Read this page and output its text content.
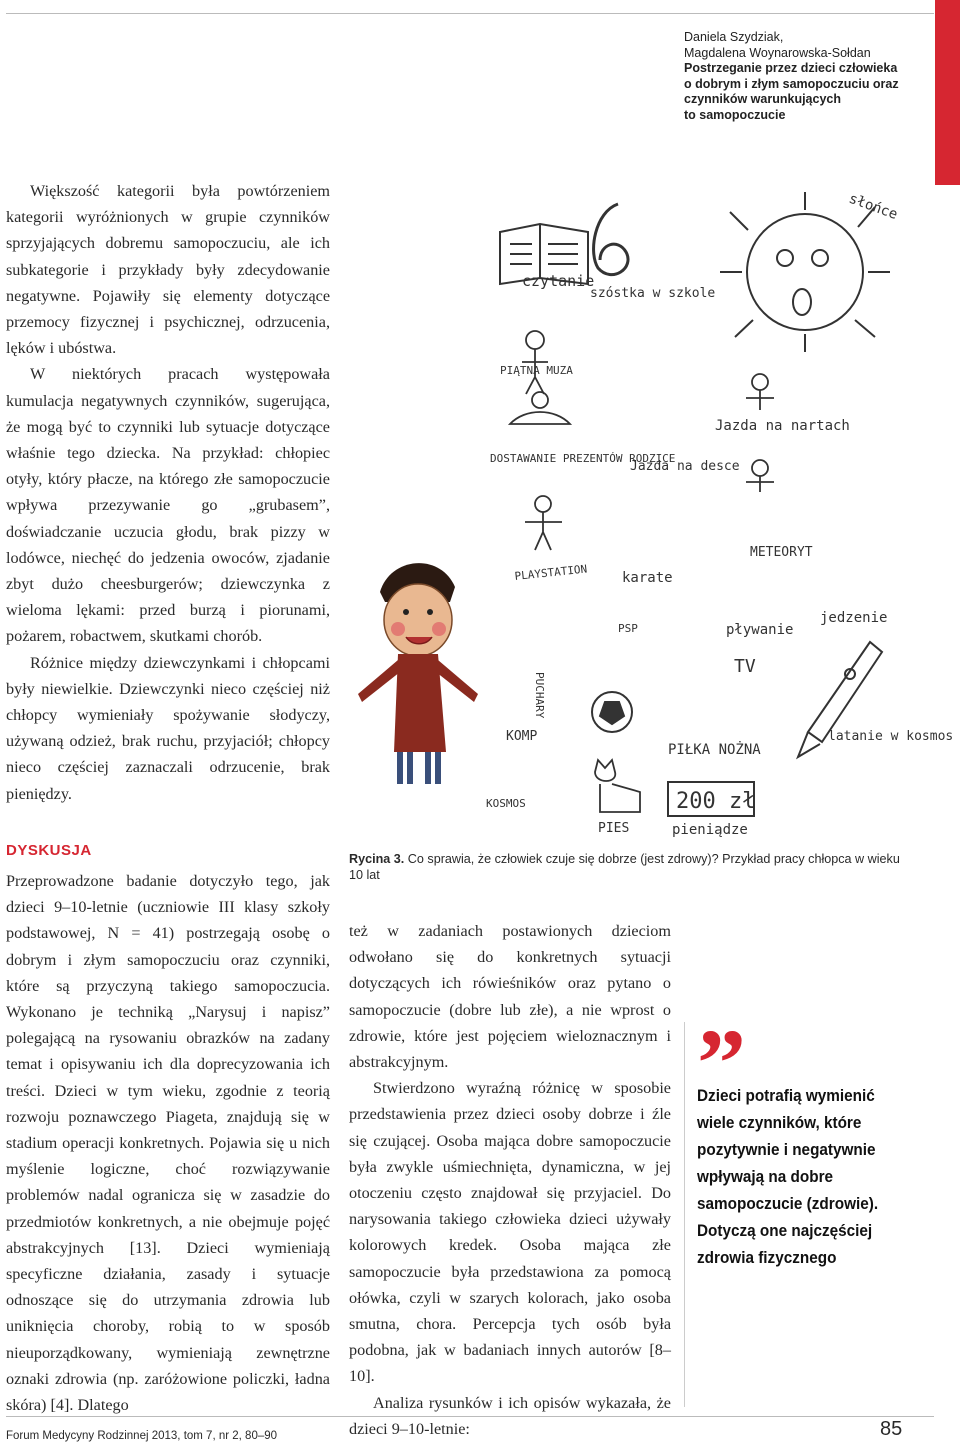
Daniela Szydziak,
Magdalena Woynarowska-Sołdan
Postrzeganie przez dzieci człowieka
o dobrym i złym samopoczuciu oraz
czynników warunkujących
to samopoczucie

Większość kategorii była powtórzeniem kategorii wyróżnionych w grupie czynników sprzyjających dobremu samopoczuciu, ale ich subkategorie i przykłady były zdecydowanie negatywne. Pojawiły się elementy dotyczące przemocy fizycznej i psychicznej, odrzucenia, lęków i ubóstwa.

W niektórych pracach występowała kumulacja negatywnych czynników, sugerująca, że mogą być to czynniki lub sytuacje dotyczące właśnie tego dziecka. Na przykład: chłopiec otyły, który płacze, na którego złe samopoczucie wpływa przezywanie go „grubasem”, doświadczanie uczucia głodu, brak pizzy w lodówce, niechęć do jedzenia owoców, zjadanie zbyt dużo cheesburgerów; dziewczynka z wieloma lękami: przed burzą i piorunami, pożarem, robactwem, skutkami chorób.

Różnice między dziewczynkami i chłopcami były niewielkie. Dziewczynki nieco częściej niż chłopcy wymieniały spożywanie słodyczy, używaną odzież, brak ruchu, przyjaciół; chłopcy nieco częściej zaznaczali odrzucenie, brak pieniędzy.

DYSKUSJA

Przeprowadzone badanie dotyczyło tego, jak dzieci 9–10-letnie (uczniowie III klasy szkoły podstawowej, N = 41) postrzegają osobę o dobrym i złym samopoczuciu oraz czynniki, które są przyczyną takiego samopoczucia. Wykonano je techniką „Narysuj i napisz” polegającą na rysowaniu obrazków na zadany temat i opisywaniu ich dla doprecyzowania ich treści. Dzieci w tym wieku, zgodnie z teorią rozwoju poznawczego Piageta, znajdują się w stadium operacji konkretnych. Pojawia się u nich myślenie logiczne, choć rozwiązywanie problemów nadal ogranicza się w zasadzie do przedmiotów konkretnych, a nie obejmuje pojęć abstrakcyjnych [13]. Dzieci wymieniają specyficzne działania, zasady i sytuacje odnoszące się do utrzymania zdrowia lub uniknięcia choroby, robią to w sposób nieuporządkowany, wymieniają zewnętrzne oznaki zdrowia (np. zaróżowione policzki, ładna skóra) [4]. Dlatego

czytanie
szóstka w szkole
słońce
PIĄTNA MUZA
DOSTAWANIE PREZENTÓW RODZICE
Jazda na nartach
Jazda na desce
METEORYT
PLAYSTATION karate
pływanie
jedzenie
PSP
PUCHARY
TV
latanie w kosmos
KOMP
PIŁKA NOŻNA
KOSMOS
PIES
200 zł
pieniądze
Rycina 3. Co sprawia, że człowiek czuje się dobrze (jest zdrowy)? Przykład pracy chłopca w wieku 10 lat

też w zadaniach postawionych dzieciom odwołano się do konkretnych sytuacji dotyczących ich rówieśników oraz pytano o samopoczucie (dobre lub złe), a nie wprost o zdrowie, które jest pojęciem wieloznacznym i abstrakcyjnym.

Stwierdzono wyraźną różnicę w sposobie przedstawienia przez dzieci osoby dobrze i źle się czującej. Osoba mająca dobre samopoczucie była zwykle uśmiechnięta, dynamiczna, w jej otoczeniu często znajdował się przyjaciel. Do narysowania takiego człowieka dzieci używały kolorowych kredek. Osoba mająca złe samopoczucie była przedstawiona za pomocą ołówka, czyli w szarych kolorach, jako osoba smutna, chora. Percepcja tych osób była podobna, jak w badaniach innych autorów [8–10].

Analiza rysunków i ich opisów wykazała, że dzieci 9–10-letnie:

”
Dzieci potrafią wymienić wiele czynników, które pozytywnie i negatywnie wpływają na dobre samopoczucie (zdrowie). Dotyczą one najczęściej zdrowia fizycznego
Forum Medycyny Rodzinnej 2013, tom 7, nr 2, 80–90	85
